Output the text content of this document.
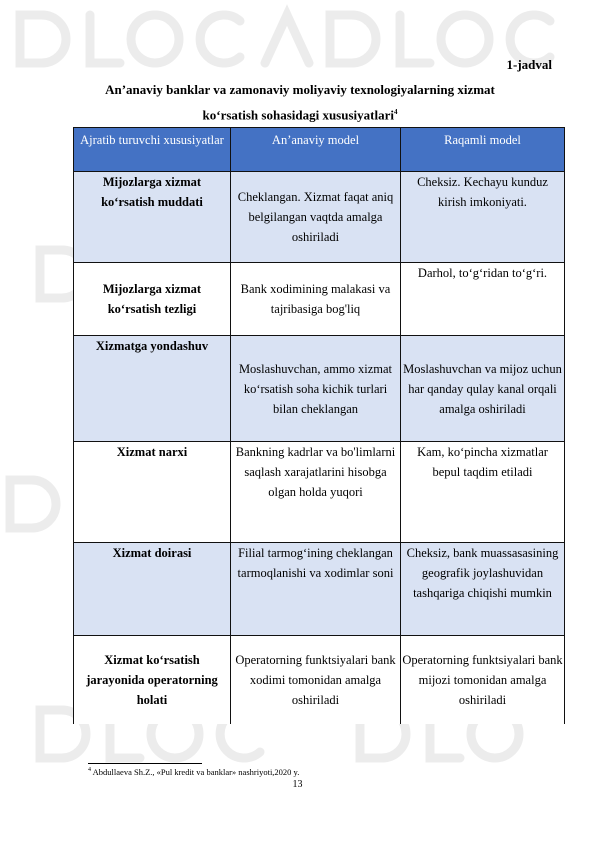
1-jadval
An’anaviy banklar va zamonaviy moliyaviy texnologiyalarning xizmat
ko‘rsatish sohasidagi xususiyatlari$^4$
Ajratib turuvchi xususiyatlar	An’anaviy model	Raqamli model
Mijozlarga xizmat ko‘rsatish muddati	Cheklangan. Xizmat faqat aniq belgilangan vaqtda amalga oshiriladi	Cheksiz. Kechayu kunduz kirish imkoniyati.
Mijozlarga xizmat ko‘rsatish tezligi	Bank xodimining malakasi va tajribasiga bog'liq	Darhol, to‘g‘ridan to‘g‘ri.
Xizmatga yondashuv	Moslashuvchan, ammo xizmat ko‘rsatish soha kichik turlari bilan cheklangan	Moslashuvchan va mijoz uchun har qanday qulay kanal orqali amalga oshiriladi
Xizmat narxi	Bankning kadrlar va bo'limlarni saqlash xarajatlarini hisobga olgan holda yuqori	Kam, ko‘pincha xizmatlar bepul taqdim etiladi
Xizmat doirasi	Filial tarmog‘ining cheklangan tarmoqlanishi va xodimlar soni	Cheksiz, bank muassasasining geografik joylashuvidan tashqariga chiqishi mumkin
Xizmat ko‘rsatish jarayonida operatorning holati	Operatorning funktsiyalari bank xodimi tomonidan amalga oshiriladi	Operatorning funktsiyalari bank mijozi tomonidan amalga oshiriladi
$^4$ Abdullaeva Sh.Z., «Pul kredit va banklar» nashriyoti,2020 y.
13
